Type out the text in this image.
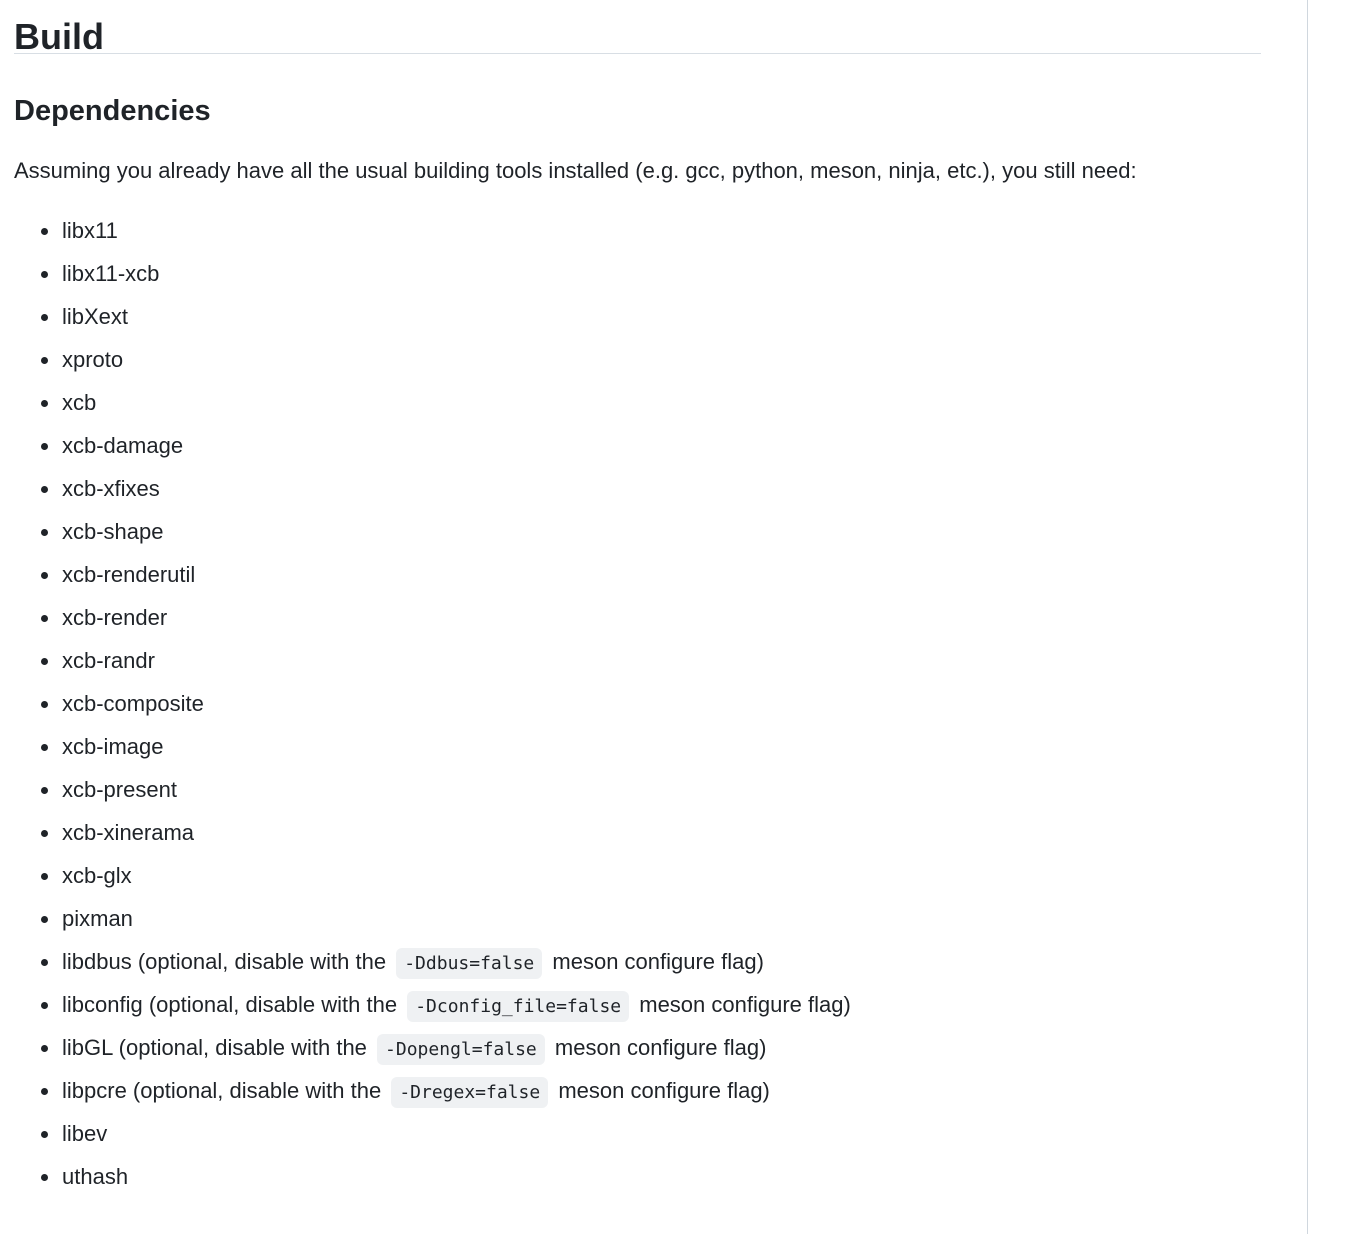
Build
Dependencies

Assuming you already have all the usual building tools installed (e.g. gcc, python, meson, ninja, etc.), you still need:

libx11
libx11-xcb
libXext
xproto
xcb
xcb-damage
xcb-xfixes
xcb-shape
xcb-renderutil
xcb-render
xcb-randr
xcb-composite
xcb-image
xcb-present
xcb-xinerama
xcb-glx
pixman
libdbus (optional, disable with the -Ddbus=false meson configure flag)
libconfig (optional, disable with the -Dconfig_file=false meson configure flag)
libGL (optional, disable with the -Dopengl=false meson configure flag)
libpcre (optional, disable with the -Dregex=false meson configure flag)
libev
uthash
